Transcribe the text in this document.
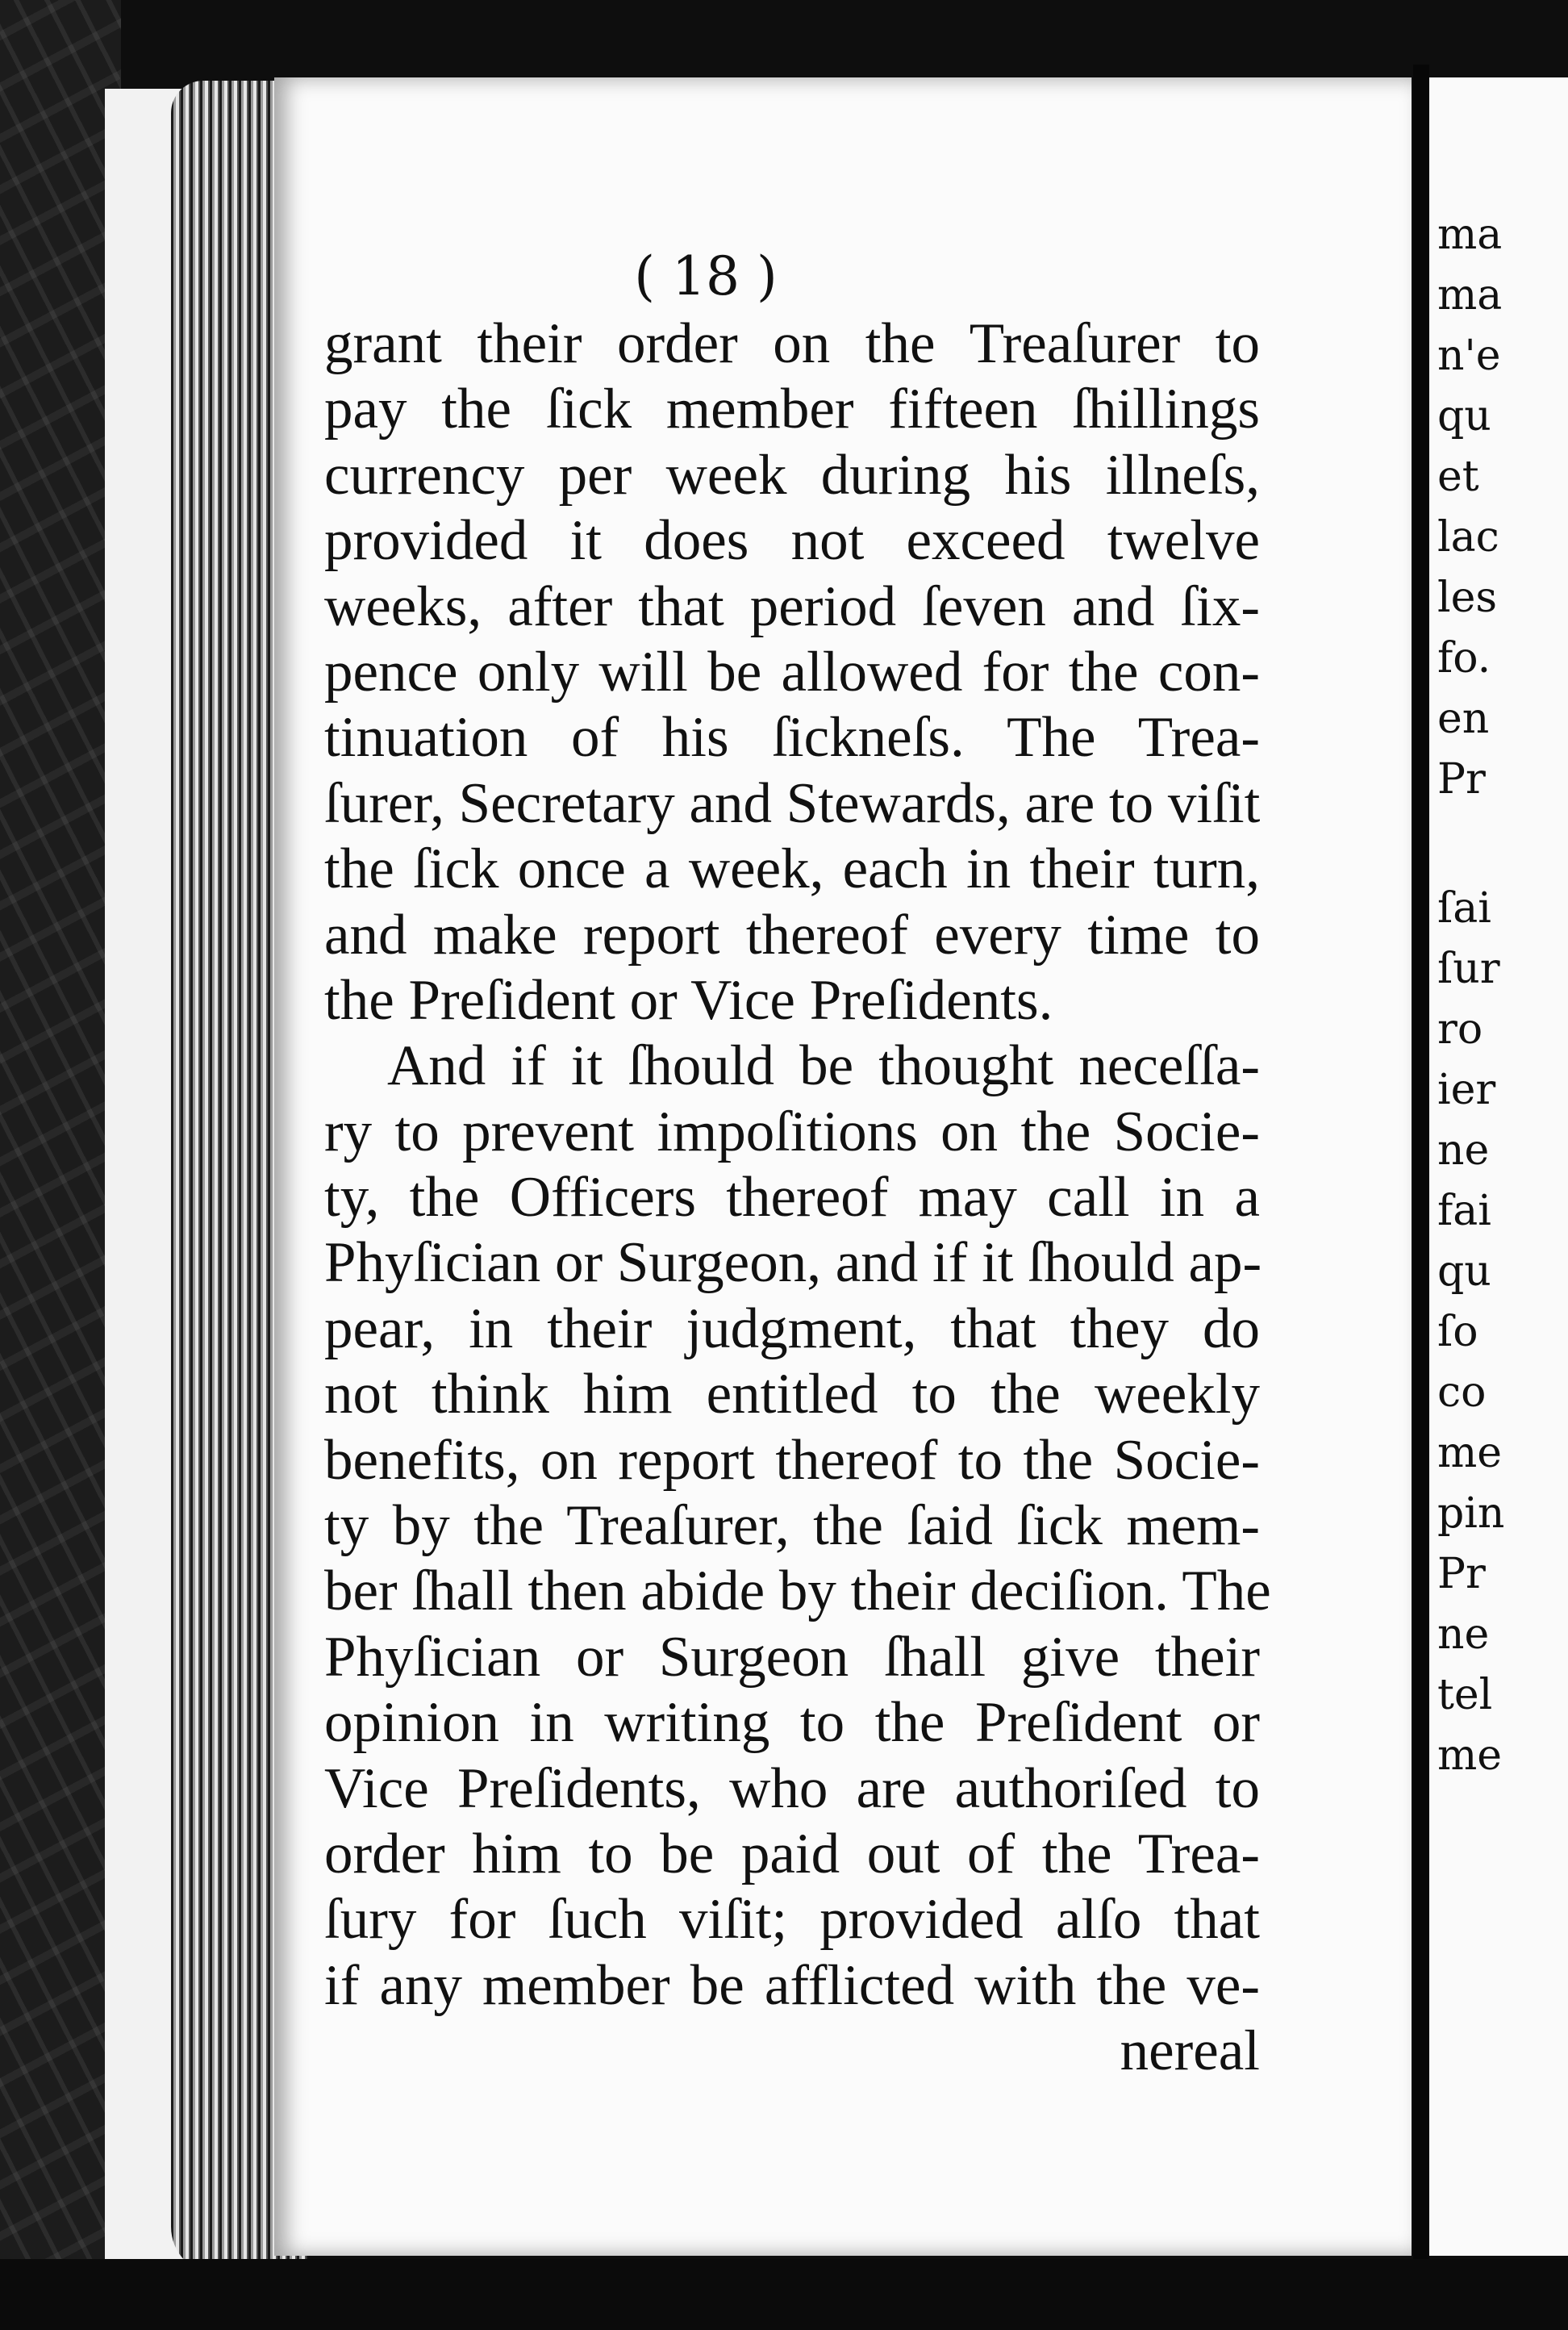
( 18 )
grant their order on the Treaſurer to
pay the ſick member fifteen ſhillings
currency per week during his illneſs,
provided it does not exceed twelve
weeks, after that period ſeven and ſix-
pence only will be allowed for the con-
tinuation of his ſickneſs. The Trea-
ſurer, Secretary and Stewards, are to viſit
the ſick once a week, each in their turn,
and make report thereof every time to
the Preſident or Vice Preſidents.
And if it ſhould be thought neceſſa-
ry to prevent impoſitions on the Socie-
ty, the Officers thereof may call in a
Phyſician or Surgeon, and if it ſhould ap-
pear, in their judgment, that they do
not think him entitled to the weekly
benefits, on report thereof to the Socie-
ty by the Treaſurer, the ſaid ſick mem-
ber ſhall then abide by their deciſion. The
Phyſician or Surgeon ſhall give their
opinion in writing to the Preſident or
Vice Preſidents, who are authoriſed to
order him to be paid out of the Trea-
ſury for ſuch viſit; provided alſo that
if any member be afflicted with the ve-
nereal
ma
ma
n'e
qu
et
lac
les
fo.
en
Pr
ſai
ſur
ro
ier
ne
fai
qu
ſo
co
me
pin
Pr
ne
tel
me
